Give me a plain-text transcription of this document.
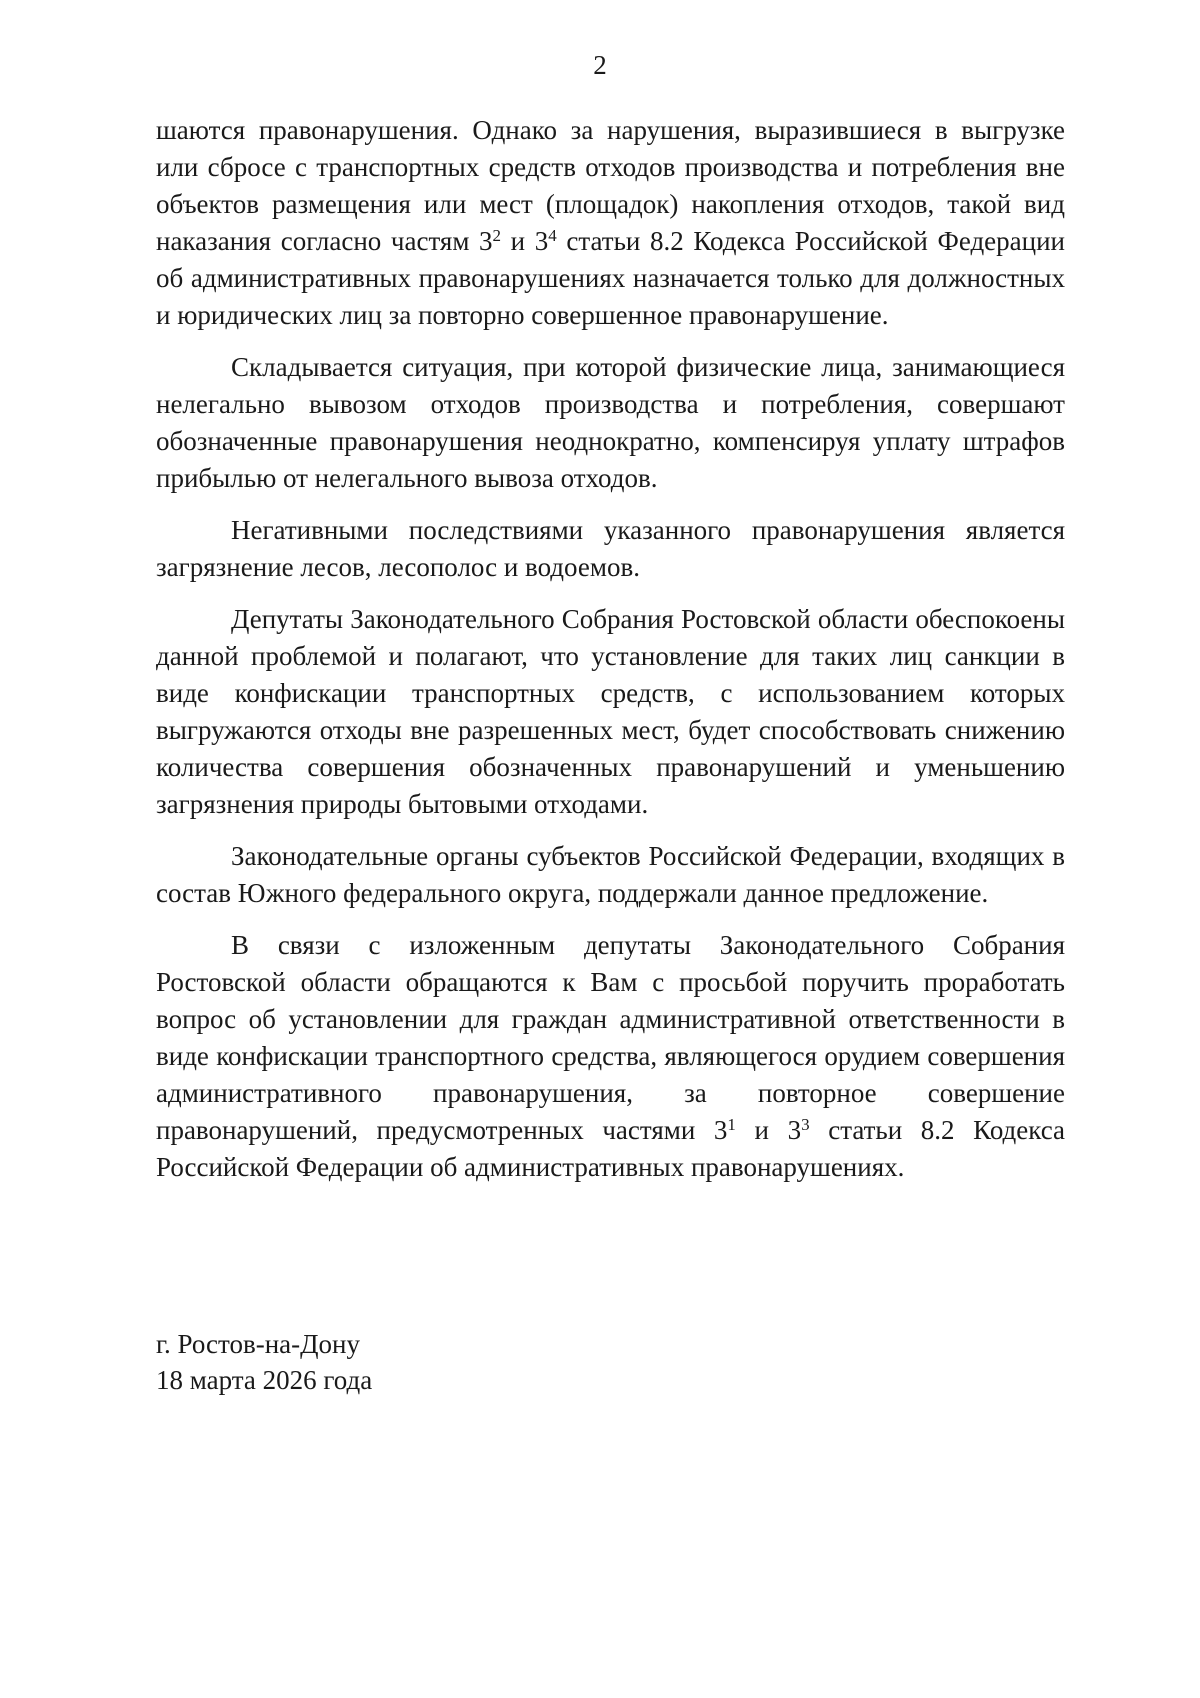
2

шаются правонарушения. Однако за нарушения, выразившиеся в выгрузке или сбросе с транспортных средств отходов производства и потребления вне объектов размещения или мест (площадок) накопления отходов, такой вид наказания согласно частям $3^2$ и $3^4$ статьи 8.2 Кодекса Российской Федерации об административных правонарушениях назначается только для должностных и юридических лиц за повторно совершенное правонарушение.

Складывается ситуация, при которой физические лица, занимающиеся нелегально вывозом отходов производства и потребления, совершают обозначенные правонарушения неоднократно, компенсируя уплату штрафов прибылью от нелегального вывоза отходов.

Негативными последствиями указанного правонарушения является загрязнение лесов, лесополос и водоемов.

Депутаты Законодательного Собрания Ростовской области обеспокоены данной проблемой и полагают, что установление для таких лиц санкции в виде конфискации транспортных средств, с использованием которых выгружаются отходы вне разрешенных мест, будет способствовать снижению количества совершения обозначенных правонарушений и уменьшению загрязнения природы бытовыми отходами.

Законодательные органы субъектов Российской Федерации, входящих в состав Южного федерального округа, поддержали данное предложение.

В связи с изложенным депутаты Законодательного Собрания Ростовской области обращаются к Вам с просьбой поручить проработать вопрос об установлении для граждан административной ответственности в виде конфискации транспортного средства, являющегося орудием совершения административного правонарушения, за повторное совершение правонарушений, предусмотренных частями $3^1$ и $3^3$ статьи 8.2 Кодекса Российской Федерации об административных правонарушениях.

г. Ростов-на-Дону
18 марта 2026 года
